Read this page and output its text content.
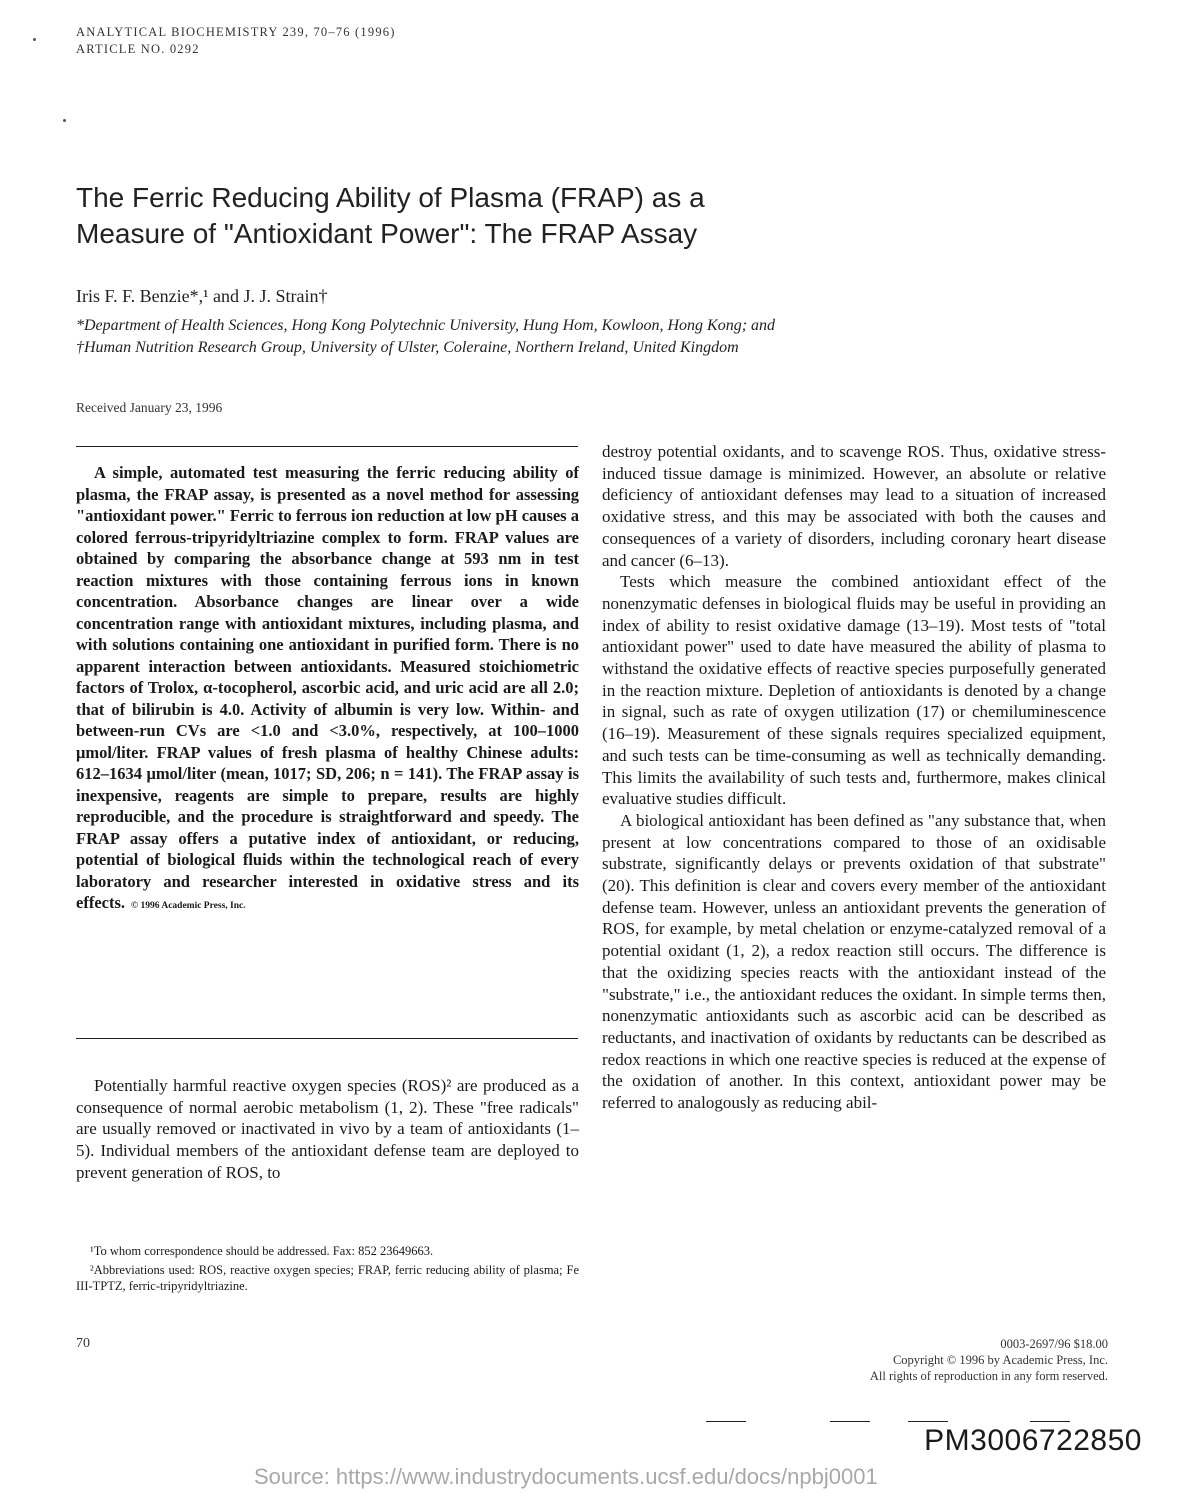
ANALYTICAL BIOCHEMISTRY 239, 70–76 (1996)
ARTICLE NO. 0292
The Ferric Reducing Ability of Plasma (FRAP) as a
Measure of "Antioxidant Power": The FRAP Assay
Iris F. F. Benzie*,¹ and J. J. Strain†
*Department of Health Sciences, Hong Kong Polytechnic University, Hung Hom, Kowloon, Hong Kong; and
†Human Nutrition Research Group, University of Ulster, Coleraine, Northern Ireland, United Kingdom
Received January 23, 1996
A simple, automated test measuring the ferric reducing ability of plasma, the FRAP assay, is presented as a novel method for assessing "antioxidant power." Ferric to ferrous ion reduction at low pH causes a colored ferrous-tripyridyltriazine complex to form. FRAP values are obtained by comparing the absorbance change at 593 nm in test reaction mixtures with those containing ferrous ions in known concentration. Absorbance changes are linear over a wide concentration range with antioxidant mixtures, including plasma, and with solutions containing one antioxidant in purified form. There is no apparent interaction between antioxidants. Measured stoichiometric factors of Trolox, α-tocopherol, ascorbic acid, and uric acid are all 2.0; that of bilirubin is 4.0. Activity of albumin is very low. Within- and between-run CVs are <1.0 and <3.0%, respectively, at 100–1000 μmol/liter. FRAP values of fresh plasma of healthy Chinese adults: 612–1634 μmol/liter (mean, 1017; SD, 206; n = 141). The FRAP assay is inexpensive, reagents are simple to prepare, results are highly reproducible, and the procedure is straightforward and speedy. The FRAP assay offers a putative index of antioxidant, or reducing, potential of biological fluids within the technological reach of every laboratory and researcher interested in oxidative stress and its effects. © 1996 Academic Press, Inc.

Potentially harmful reactive oxygen species (ROS)² are produced as a consequence of normal aerobic metabolism (1, 2). These "free radicals" are usually removed or inactivated in vivo by a team of antioxidants (1–5). Individual members of the antioxidant defense team are deployed to prevent generation of ROS, to

destroy potential oxidants, and to scavenge ROS. Thus, oxidative stress-induced tissue damage is minimized. However, an absolute or relative deficiency of antioxidant defenses may lead to a situation of increased oxidative stress, and this may be associated with both the causes and consequences of a variety of disorders, including coronary heart disease and cancer (6–13).

Tests which measure the combined antioxidant effect of the nonenzymatic defenses in biological fluids may be useful in providing an index of ability to resist oxidative damage (13–19). Most tests of "total antioxidant power" used to date have measured the ability of plasma to withstand the oxidative effects of reactive species purposefully generated in the reaction mixture. Depletion of antioxidants is denoted by a change in signal, such as rate of oxygen utilization (17) or chemiluminescence (16–19). Measurement of these signals requires specialized equipment, and such tests can be time-consuming as well as technically demanding. This limits the availability of such tests and, furthermore, makes clinical evaluative studies difficult.

A biological antioxidant has been defined as "any substance that, when present at low concentrations compared to those of an oxidisable substrate, significantly delays or prevents oxidation of that substrate" (20). This definition is clear and covers every member of the antioxidant defense team. However, unless an antioxidant prevents the generation of ROS, for example, by metal chelation or enzyme-catalyzed removal of a potential oxidant (1, 2), a redox reaction still occurs. The difference is that the oxidizing species reacts with the antioxidant instead of the "substrate," i.e., the antioxidant reduces the oxidant. In simple terms then, nonenzymatic antioxidants such as ascorbic acid can be described as reductants, and inactivation of oxidants by reductants can be described as redox reactions in which one reactive species is reduced at the expense of the oxidation of another. In this context, antioxidant power may be referred to analogously as reducing abil-

¹To whom correspondence should be addressed. Fax: 852 23649663.

²Abbreviations used: ROS, reactive oxygen species; FRAP, ferric reducing ability of plasma; Fe III-TPTZ, ferric-tripyridyltriazine.

70	0003-2697/96 $18.00
Copyright © 1996 by Academic Press, Inc.
All rights of reproduction in any form reserved.
PM3006722850
Source: https://www.industrydocuments.ucsf.edu/docs/npbj0001
